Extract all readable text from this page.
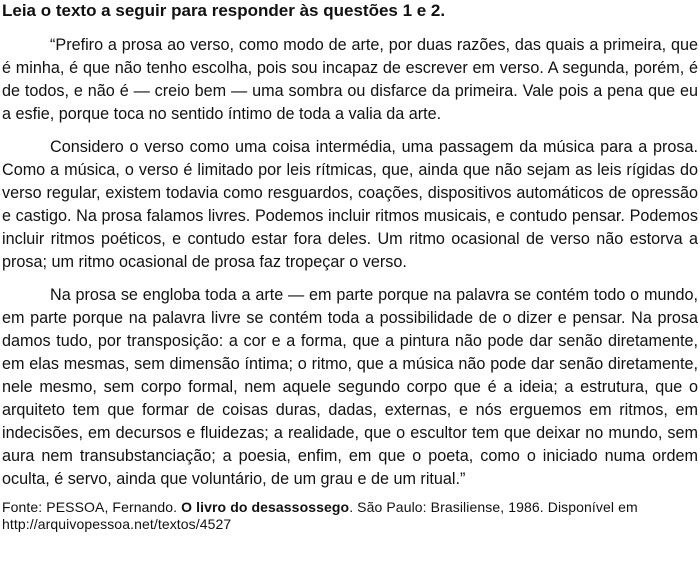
Leia o texto a seguir para responder às questões 1 e 2.

“Prefiro a prosa ao verso, como modo de arte, por duas razões, das quais a primeira, que é minha, é que não tenho escolha, pois sou incapaz de escrever em verso. A segunda, porém, é de todos, e não é — creio bem — uma sombra ou disfarce da primeira. Vale pois a pena que eu a esfie, porque toca no sentido íntimo de toda a valia da arte.

Considero o verso como uma coisa intermédia, uma passagem da música para a prosa. Como a música, o verso é limitado por leis rítmicas, que, ainda que não sejam as leis rígidas do verso regular, existem todavia como resguardos, coações, dispositivos automáticos de opressão e castigo. Na prosa falamos livres. Podemos incluir ritmos musicais, e contudo pensar. Podemos incluir ritmos poéticos, e contudo estar fora deles. Um ritmo ocasional de verso não estorva a prosa; um ritmo ocasional de prosa faz tropeçar o verso.

Na prosa se engloba toda a arte — em parte porque na palavra se contém todo o mundo, em parte porque na palavra livre se contém toda a possibilidade de o dizer e pensar. Na prosa damos tudo, por transposição: a cor e a forma, que a pintura não pode dar senão diretamente, em elas mesmas, sem dimensão íntima; o ritmo, que a música não pode dar senão diretamente, nele mesmo, sem corpo formal, nem aquele segundo corpo que é a ideia; a estrutura, que o arquiteto tem que formar de coisas duras, dadas, externas, e nós erguemos em ritmos, em indecisões, em decursos e fluidezas; a realidade, que o escultor tem que deixar no mundo, sem aura nem transubstanciação; a poesia, enfim, em que o poeta, como o iniciado numa ordem oculta, é servo, ainda que voluntário, de um grau e de um ritual.”

Fonte: PESSOA, Fernando. O livro do desassossego. São Paulo: Brasiliense, 1986. Disponível em
http://arquivopessoa.net/textos/4527
